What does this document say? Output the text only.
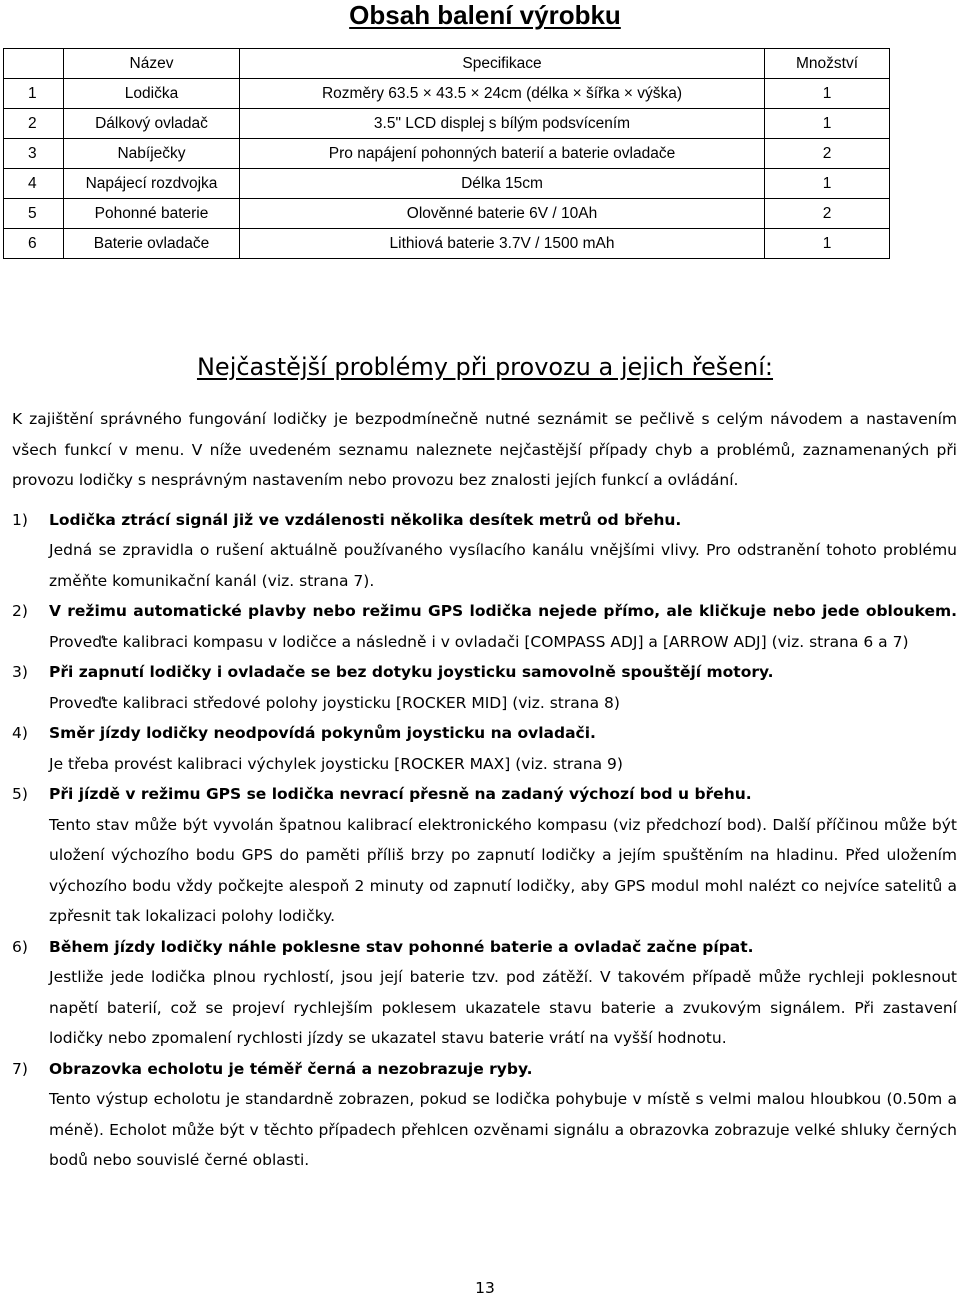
Obsah balení výrobku
	Název	Specifikace	Množství
1	Lodička	Rozměry 63.5 × 43.5 × 24cm (délka × šířka × výška)	1
2	Dálkový ovladač	3.5" LCD displej s bílým podsvícením	1
3	Nabíječky	Pro napájení pohonných baterií a baterie ovladače	2
4	Napájecí rozdvojka	Délka 15cm	1
5	Pohonné baterie	Olověnné baterie 6V / 10Ah	2
6	Baterie ovladače	Lithiová baterie 3.7V / 1500 mAh	1
Nejčastější problémy při provozu a jejich řešení:

K zajištění správného fungování lodičky je bezpodmínečně nutné seznámit se pečlivě s celým návodem a nastavením všech funkcí v menu. V níže uvedeném seznamu naleznete nejčastější případy chyb a problémů, zaznamenaných při provozu lodičky s nesprávným nastavením nebo provozu bez znalosti jejích funkcí a ovládání.

1)	Lodička ztrácí signál již ve vzdálenosti několika desítek metrů od břehu.
Jedná se zpravidla o rušení aktuálně používaného vysílacího kanálu vnějšími vlivy. Pro odstranění tohoto problému změňte komunikační kanál (viz. strana 7).
2)	V režimu automatické plavby nebo režimu GPS lodička nejede přímo, ale kličkuje nebo jede obloukem. Proveďte kalibraci kompasu v lodičce a následně i v ovladači [COMPASS ADJ] a [ARROW ADJ] (viz. strana 6 a 7)
3)	Při zapnutí lodičky i ovladače se bez dotyku joysticku samovolně spouštějí motory.
Proveďte kalibraci středové polohy joysticku [ROCKER MID] (viz. strana 8)
4)	Směr jízdy lodičky neodpovídá pokynům joysticku na ovladači.
Je třeba provést kalibraci výchylek joysticku [ROCKER MAX] (viz. strana 9)
5)	Při jízdě v režimu GPS se lodička nevrací přesně na zadaný výchozí bod u břehu.
Tento stav může být vyvolán špatnou kalibrací elektronického kompasu (viz předchozí bod). Další příčinou může být uložení výchozího bodu GPS do paměti příliš brzy po zapnutí lodičky a jejím spuštěním na hladinu. Před uložením výchozího bodu vždy počkejte alespoň 2 minuty od zapnutí lodičky, aby GPS modul mohl nalézt co nejvíce satelitů a zpřesnit tak lokalizaci polohy lodičky.
6)	Během jízdy lodičky náhle poklesne stav pohonné baterie a ovladač začne pípat.
Jestliže jede lodička plnou rychlostí, jsou její baterie tzv. pod zátěží. V takovém případě může rychleji poklesnout napětí baterií, což se projeví rychlejším poklesem ukazatele stavu baterie a zvukovým signálem. Při zastavení lodičky nebo zpomalení rychlosti jízdy se ukazatel stavu baterie vrátí na vyšší hodnotu.
7)	Obrazovka echolotu je téměř černá a nezobrazuje ryby.
Tento výstup echolotu je standardně zobrazen, pokud se lodička pohybuje v místě s velmi malou hloubkou (0.50m a méně). Echolot může být v těchto případech přehlcen ozvěnami signálu a obrazovka zobrazuje velké shluky černých bodů nebo souvislé černé oblasti.
13
